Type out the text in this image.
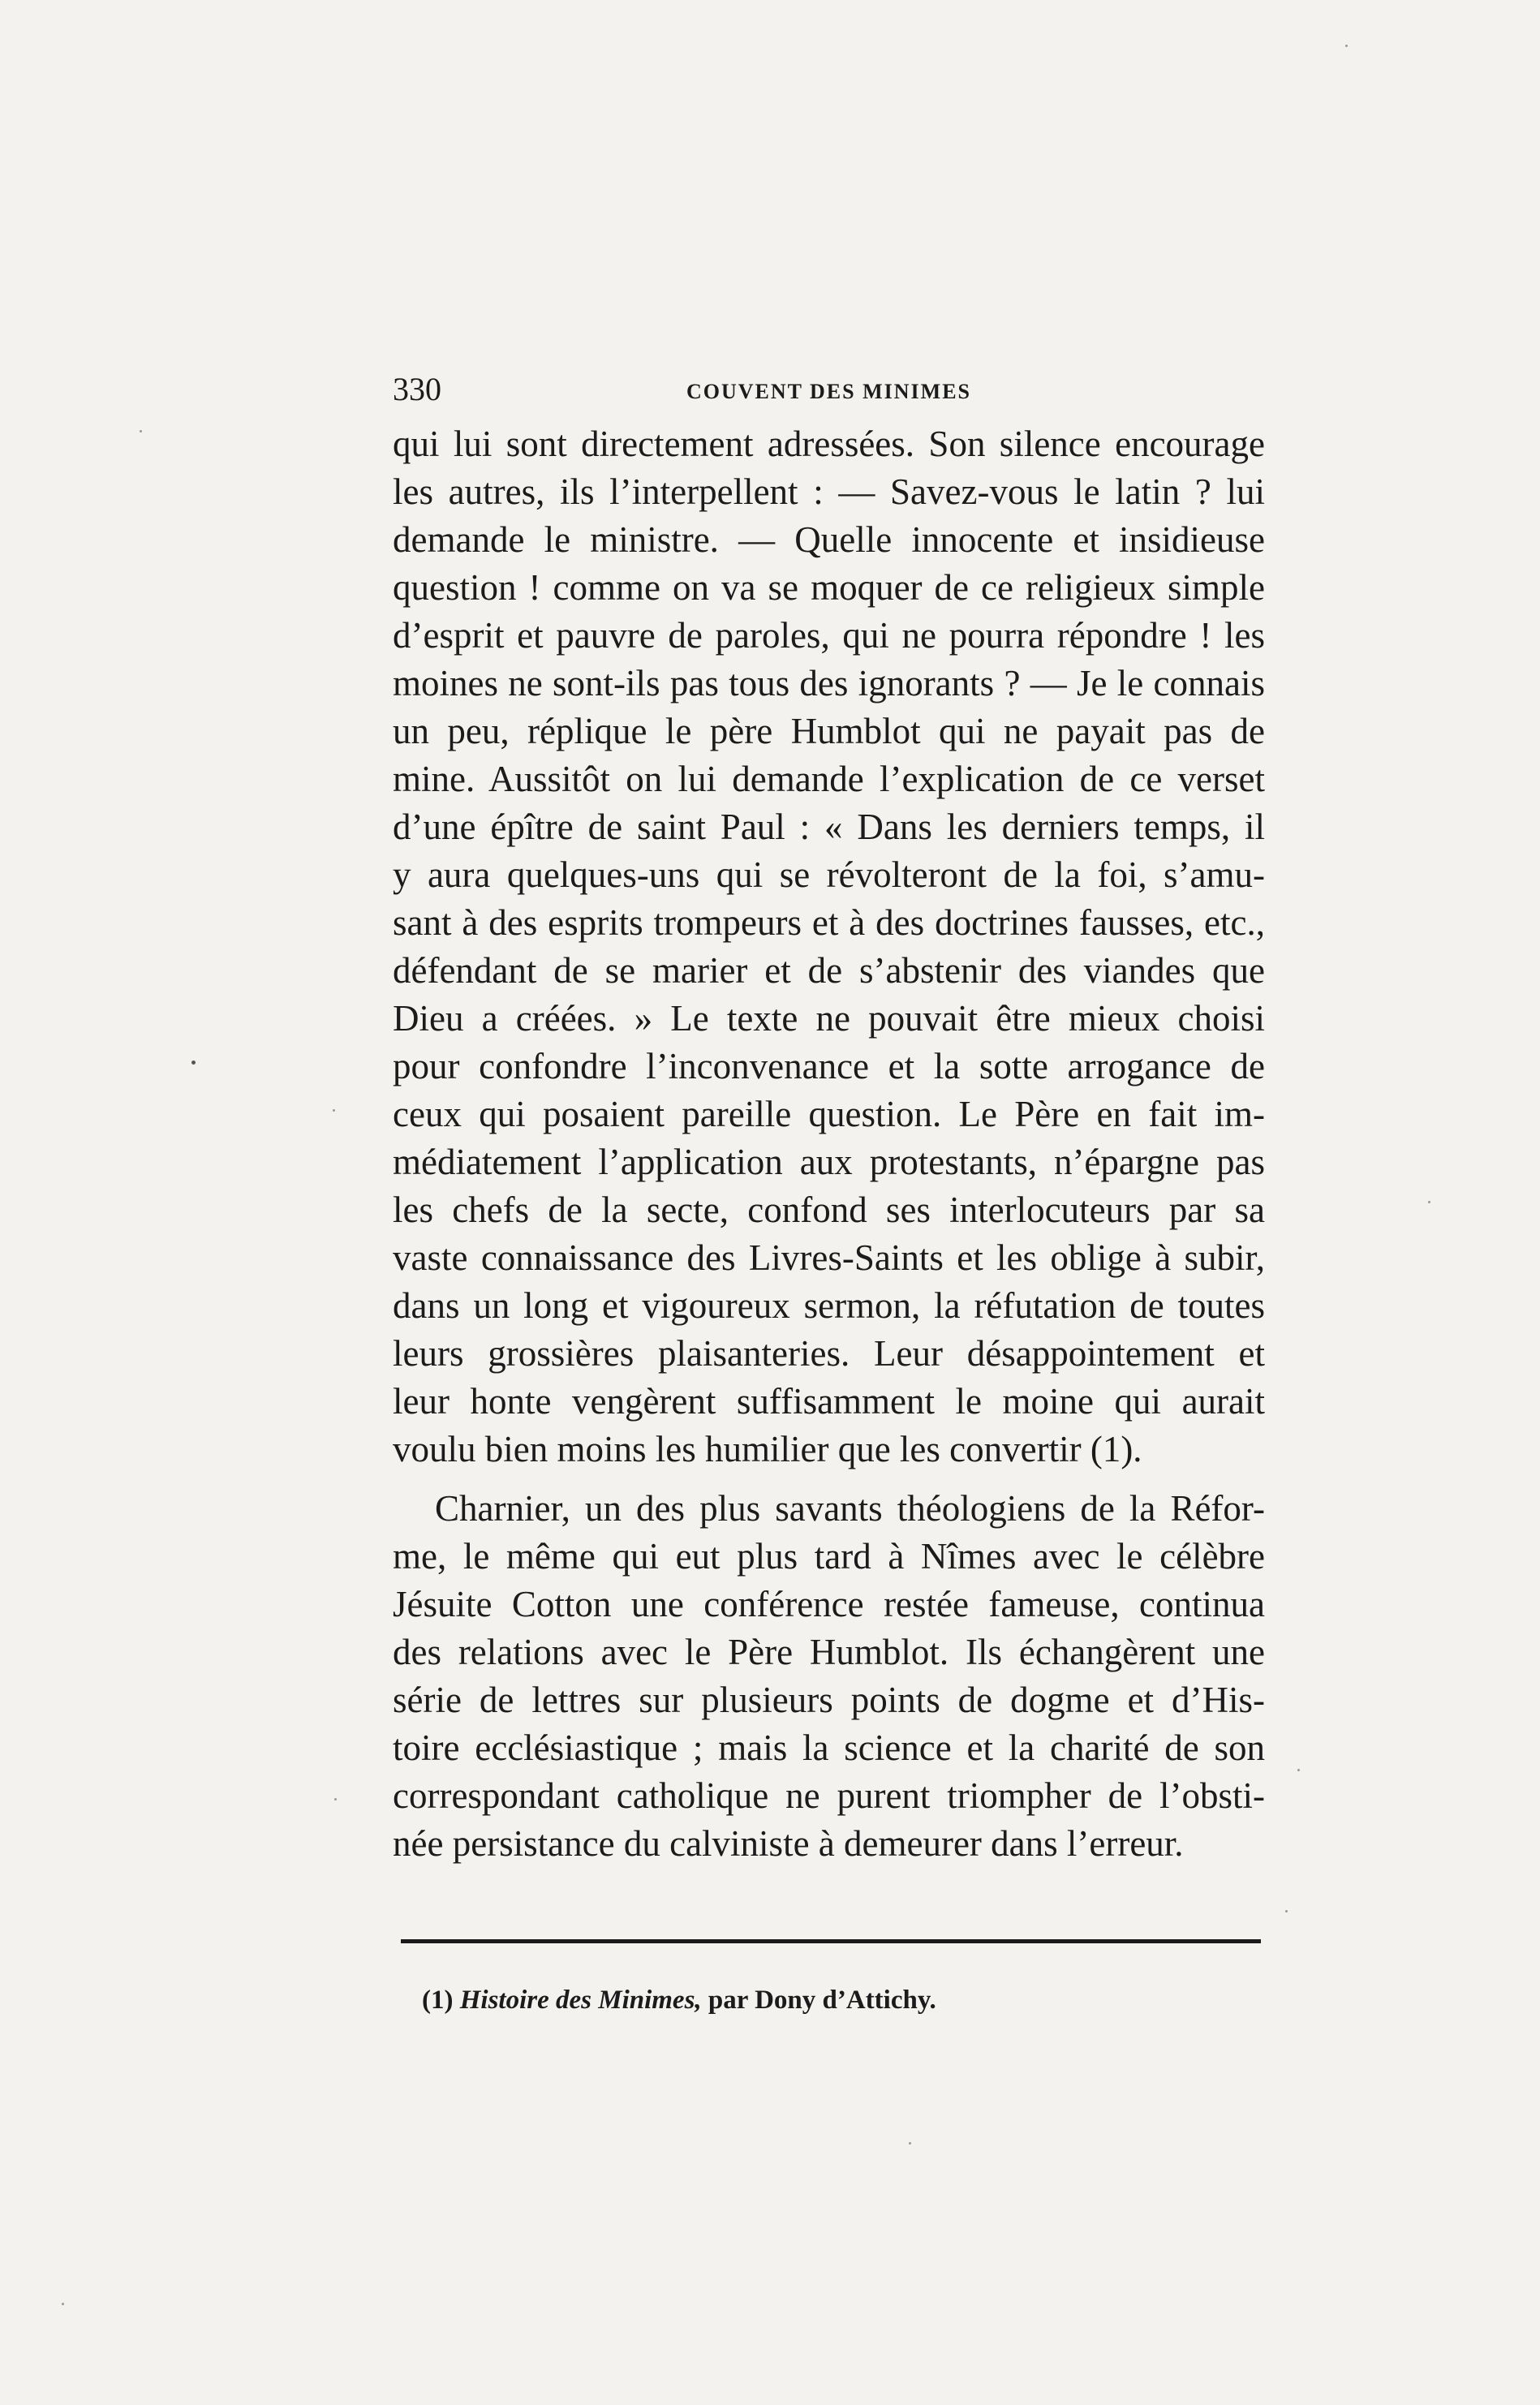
330	COUVENT DES MINIMES
qui lui sont directement adressées. Son silence encourage
les autres, ils l’interpellent : — Savez-vous le latin ? lui
demande le ministre. — Quelle innocente et insidieuse
question ! comme on va se moquer de ce religieux simple
d’esprit et pauvre de paroles, qui ne pourra répondre ! les
moines ne sont-ils pas tous des ignorants ? — Je le connais
un peu, réplique le père Humblot qui ne payait pas de
mine. Aussitôt on lui demande l’explication de ce verset
d’une épître de saint Paul : « Dans les derniers temps, il
y aura quelques-uns qui se révolteront de la foi, s’amu-
sant à des esprits trompeurs et à des doctrines fausses, etc.,
défendant de se marier et de s’abstenir des viandes que
Dieu a créées. » Le texte ne pouvait être mieux choisi
pour confondre l’inconvenance et la sotte arrogance de
ceux qui posaient pareille question. Le Père en fait im-
médiatement l’application aux protestants, n’épargne pas
les chefs de la secte, confond ses interlocuteurs par sa
vaste connaissance des Livres-Saints et les oblige à subir,
dans un long et vigoureux sermon, la réfutation de toutes
leurs grossières plaisanteries. Leur désappointement et
leur honte vengèrent suffisamment le moine qui aurait
voulu bien moins les humilier que les convertir (1).
Charnier, un des plus savants théologiens de la Réfor-
me, le même qui eut plus tard à Nîmes avec le célèbre
Jésuite Cotton une conférence restée fameuse, continua
des relations avec le Père Humblot. Ils échangèrent une
série de lettres sur plusieurs points de dogme et d’His-
toire ecclésiastique ; mais la science et la charité de son
correspondant catholique ne purent triompher de l’obsti-
née persistance du calviniste à demeurer dans l’erreur.
(1) Histoire des Minimes, par Dony d’Attichy.
